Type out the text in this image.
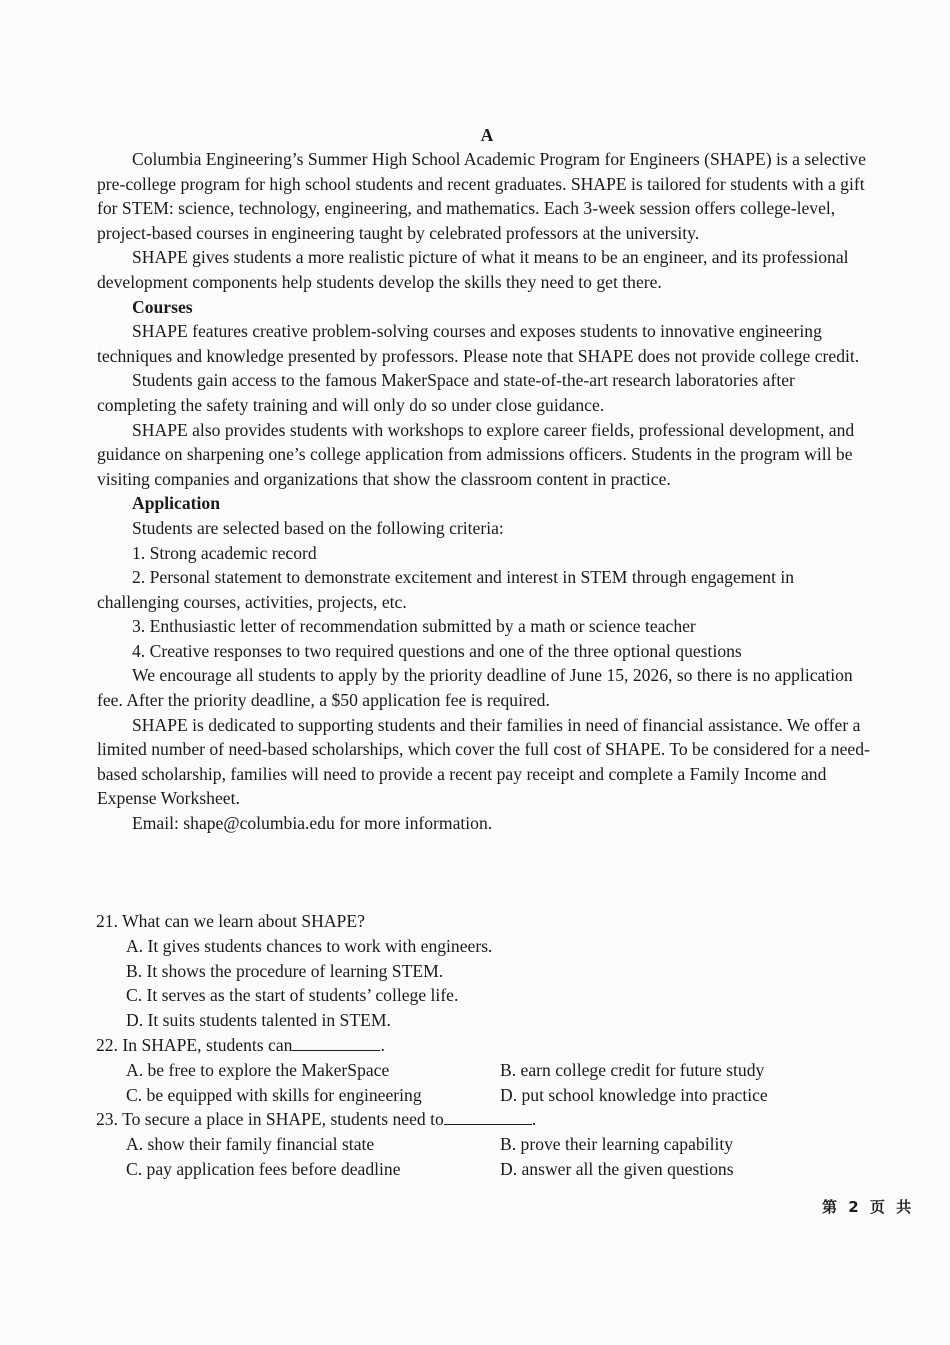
A

Columbia Engineering’s Summer High School Academic Program for Engineers (SHAPE) is a selective pre-college program for high school students and recent graduates. SHAPE is tailored for students with a gift for STEM: science, technology, engineering, and mathematics. Each 3-week session offers college-level, project-based courses in engineering taught by celebrated professors at the university.

SHAPE gives students a more realistic picture of what it means to be an engineer, and its professional development components help students develop the skills they need to get there.

Courses

SHAPE features creative problem-solving courses and exposes students to innovative engineering techniques and knowledge presented by professors. Please note that SHAPE does not provide college credit.

Students gain access to the famous MakerSpace and state-of-the-art research laboratories after completing the safety training and will only do so under close guidance.

SHAPE also provides students with workshops to explore career fields, professional development, and guidance on sharpening one’s college application from admissions officers. Students in the program will be visiting companies and organizations that show the classroom content in practice.

Application

Students are selected based on the following criteria:

1. Strong academic record

2. Personal statement to demonstrate excitement and interest in STEM through engagement in challenging courses, activities, projects, etc.

3. Enthusiastic letter of recommendation submitted by a math or science teacher

4. Creative responses to two required questions and one of the three optional questions

We encourage all students to apply by the priority deadline of June 15, 2026, so there is no application fee. After the priority deadline, a $50 application fee is required.

SHAPE is dedicated to supporting students and their families in need of financial assistance. We offer a limited number of need-based scholarships, which cover the full cost of SHAPE. To be considered for a need-based scholarship, families will need to provide a recent pay receipt and complete a Family Income and Expense Worksheet.

Email: shape@columbia.edu for more information.

21. What can we learn about SHAPE?

A. It gives students chances to work with engineers.

B. It shows the procedure of learning STEM.

C. It serves as the start of students’ college life.

D. It suits students talented in STEM.

22. In SHAPE, students can	.

A. be free to explore the MakerSpace	B. earn college credit for future study
C. be equipped with skills for engineering	D. put school knowledge into practice

23. To secure a place in SHAPE, students need to	.

A. show their family financial state	B. prove their learning capability
C. pay application fees before deadline	D. answer all the given questions
第 2 页 共
